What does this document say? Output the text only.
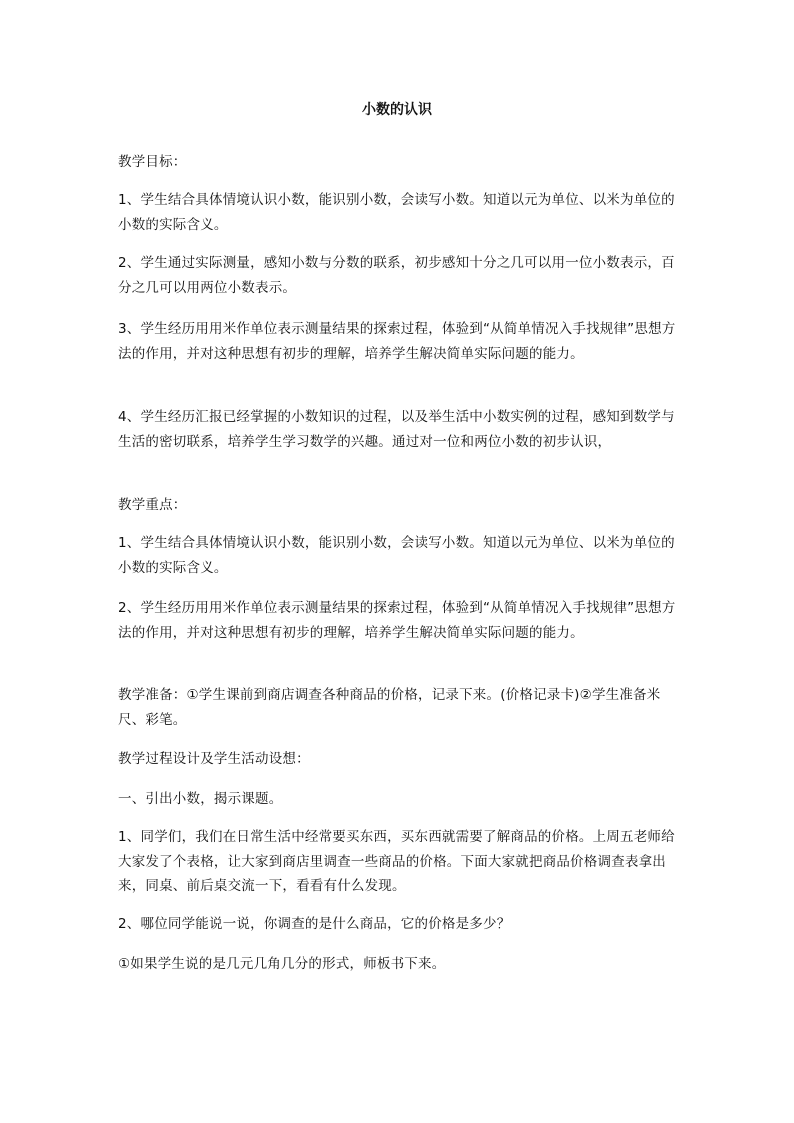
小数的认识

教学目标：

1、学生结合具体情境认识小数，能识别小数，会读写小数。知道以元为单位、以米为单位的小数的实际含义。

2、学生通过实际测量，感知小数与分数的联系，初步感知十分之几可以用一位小数表示，百分之几可以用两位小数表示。

3、学生经历用用米作单位表示测量结果的探索过程，体验到“从简单情况入手找规律”思想方法的作用，并对这种思想有初步的理解，培养学生解决简单实际问题的能力。

4、学生经历汇报已经掌握的小数知识的过程，以及举生活中小数实例的过程，感知到数学与生活的密切联系，培养学生学习数学的兴趣。通过对一位和两位小数的初步认识，

教学重点：

1、学生结合具体情境认识小数，能识别小数，会读写小数。知道以元为单位、以米为单位的小数的实际含义。

2、学生经历用用米作单位表示测量结果的探索过程，体验到“从简单情况入手找规律”思想方法的作用，并对这种思想有初步的理解，培养学生解决简单实际问题的能力。

教学准备：①学生课前到商店调查各种商品的价格，记录下来。(价格记录卡)②学生准备米尺、彩笔。

教学过程设计及学生活动设想：

一、引出小数，揭示课题。

1、同学们，我们在日常生活中经常要买东西，买东西就需要了解商品的价格。上周五老师给大家发了个表格，让大家到商店里调查一些商品的价格。下面大家就把商品价格调查表拿出来，同桌、前后桌交流一下，看看有什么发现。

2、哪位同学能说一说，你调查的是什么商品，它的价格是多少？

①如果学生说的是几元几角几分的形式，师板书下来。
